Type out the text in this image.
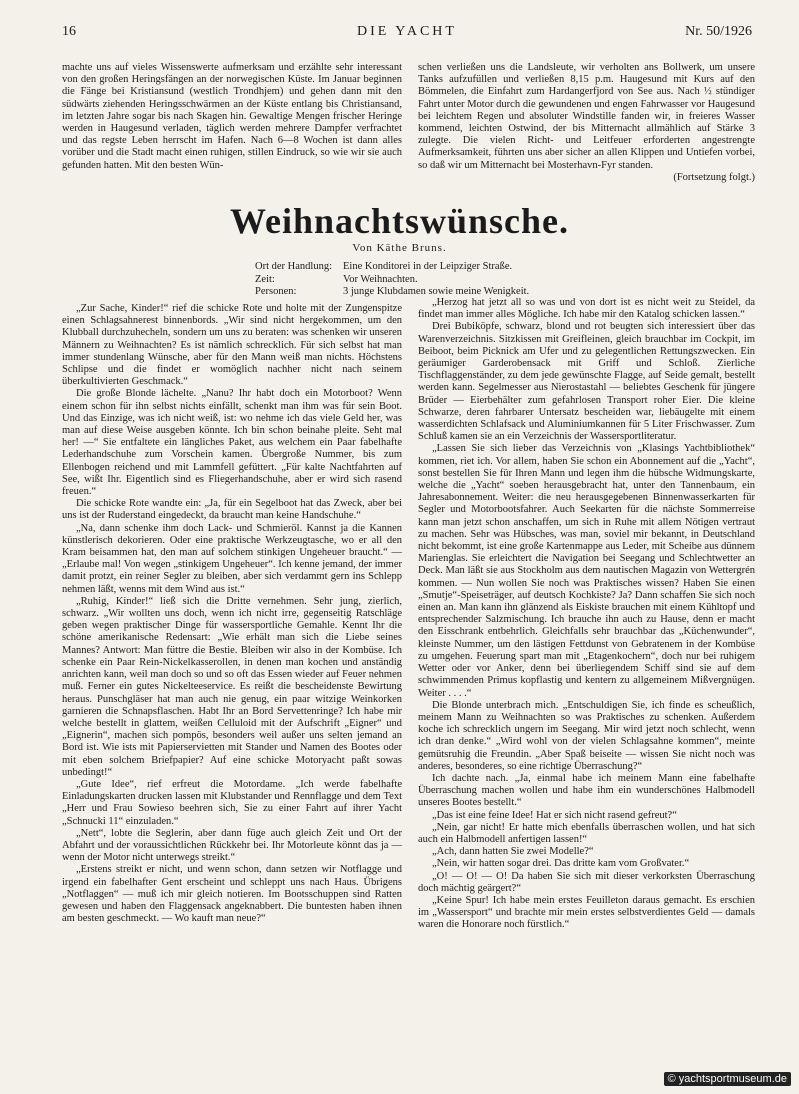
16	DIE YACHT	Nr. 50/1926

machte uns auf vieles Wissenswerte aufmerksam und erzählte sehr interessant von den großen Heringsfängen an der norwegischen Küste. Im Januar beginnen die Fänge bei Kristiansund (westlich Trondhjem) und gehen dann mit den südwärts ziehenden Heringsschwärmen an der Küste entlang bis Christiansand, im letzten Jahre sogar bis nach Skagen hin. Gewaltige Mengen frischer Heringe werden in Haugesund verladen, täglich werden mehrere Dampfer verfrachtet und das regste Leben herrscht im Hafen. Nach 6—8 Wochen ist dann alles vorüber und die Stadt macht einen ruhigen, stillen Eindruck, so wie wir sie auch gefunden hatten. Mit den besten Wün-

schen verließen uns die Landsleute, wir verholten ans Bollwerk, um unsere Tanks aufzufüllen und verließen 8,15 p.m. Haugesund mit Kurs auf den Bömmelen, die Einfahrt zum Hardangerfjord von See aus. Nach ½ stündiger Fahrt unter Motor durch die gewundenen und engen Fahrwasser vor Haugesund bei leichtem Regen und absoluter Windstille fanden wir, in freieres Wasser kommend, leichten Ostwind, der bis Mitternacht allmählich auf Stärke 3 zulegte. Die vielen Richt- und Leitfeuer erforderten angestrengte Aufmerksamkeit, führten uns aber sicher an allen Klippen und Untiefen vorbei, so daß wir um Mitternacht bei Mosterhavn-Fyr standen.

(Fortsetzung folgt.)
Weihnachtswünsche.
Von Käthe Bruns.
Ort der Handlung:	Eine Konditorei in der Leipziger Straße.
Zeit:	Vor Weihnachten.
Personen:	3 junge Klubdamen sowie meine Wenigkeit.

„Zur Sache, Kinder!“ rief die schicke Rote und holte mit der Zungenspitze einen Schlagsahnerest binnenbords. „Wir sind nicht hergekommen, um den Klubball durchzuhecheln, sondern um uns zu beraten: was schenken wir unseren Männern zu Weihnachten? Es ist nämlich schrecklich. Für sich selbst hat man immer stundenlang Wünsche, aber für den Mann weiß man nichts. Höchstens Schlipse und die findet er womöglich nachher nicht nach seinem überkultivierten Geschmack.“

Die große Blonde lächelte. „Nanu? Ihr habt doch ein Motorboot? Wenn einem schon für ihn selbst nichts einfällt, schenkt man ihm was für sein Boot. Und das Einzige, was ich nicht weiß, ist: wo nehme ich das viele Geld her, was man auf diese Weise ausgeben könnte. Ich bin schon beinahe pleite. Seht mal her! —“ Sie entfaltete ein längliches Paket, aus welchem ein Paar fabelhafte Lederhandschuhe zum Vorschein kamen. Übergroße Nummer, bis zum Ellenbogen reichend und mit Lammfell gefüttert. „Für kalte Nachtfahrten auf See, wißt Ihr. Eigentlich sind es Fliegerhandschuhe, aber er wird sich rasend freuen.“

Die schicke Rote wandte ein: „Ja, für ein Segelboot hat das Zweck, aber bei uns ist der Ruderstand eingedeckt, da braucht man keine Handschuhe.“

„Na, dann schenke ihm doch Lack- und Schmieröl. Kannst ja die Kannen künstlerisch dekorieren. Oder eine praktische Werkzeugtasche, wo er all den Kram beisammen hat, den man auf solchem stinkigen Ungeheuer braucht.“ — „Erlaube mal! Von wegen „stinkigem Ungeheuer“. Ich kenne jemand, der immer damit protzt, ein reiner Segler zu bleiben, aber sich verdammt gern ins Schlepp nehmen läßt, wenns mit dem Wind aus ist.“

„Ruhig, Kinder!“ ließ sich die Dritte vernehmen. Sehr jung, zierlich, schwarz. „Wir wollten uns doch, wenn ich nicht irre, gegenseitig Ratschläge geben wegen praktischer Dinge für wassersportliche Gemahle. Kennt Ihr die schöne amerikanische Redensart: „Wie erhält man sich die Liebe seines Mannes? Antwort: Man füttre die Bestie. Bleiben wir also in der Kombüse. Ich schenke ein Paar Rein-Nickelkasserollen, in denen man kochen und anständig anrichten kann, weil man doch so und so oft das Essen wieder auf Feuer nehmen muß. Ferner ein gutes Nickelteeservice. Es reißt die bescheidenste Bewirtung heraus. Punschgläser hat man auch nie genug, ein paar witzige Weinkorken garnieren die Schnapsflaschen. Habt Ihr an Bord Servettenringe? Ich habe mir welche bestellt in glattem, weißen Celluloid mit der Aufschrift „Eigner“ und „Eignerin“, machen sich pompös, besonders weil außer uns selten jemand an Bord ist. Wie ists mit Papierservietten mit Stander und Namen des Bootes oder mit eben solchem Briefpapier? Auf eine schicke Motoryacht paßt sowas unbedingt!“

„Gute Idee“, rief erfreut die Motordame. „Ich werde fabelhafte Einladungskarten drucken lassen mit Klubstander und Rennflagge und dem Text „Herr und Frau Sowieso beehren sich, Sie zu einer Fahrt auf ihrer Yacht „Schnucki 11“ einzuladen.“

„Nett“, lobte die Seglerin, aber dann füge auch gleich Zeit und Ort der Abfahrt und der voraussichtlichen Rückkehr bei. Ihr Motorleute könnt das ja — wenn der Motor nicht unterwegs streikt.“

„Erstens streikt er nicht, und wenn schon, dann setzen wir Notflagge und irgend ein fabelhafter Gent erscheint und schleppt uns nach Haus. Übrigens „Notflaggen“ — muß ich mir gleich notieren. Im Bootsschuppen sind Ratten gewesen und haben den Flaggensack angeknabbert. Die buntesten haben ihnen am besten geschmeckt. — Wo kauft man neue?“

„Herzog hat jetzt all so was und von dort ist es nicht weit zu Steidel, da findet man immer alles Mögliche. Ich habe mir den Katalog schicken lassen.“

Drei Bubiköpfe, schwarz, blond und rot beugten sich interessiert über das Warenverzeichnis. Sitzkissen mit Greifleinen, gleich brauchbar im Cockpit, im Beiboot, beim Picknick am Ufer und zu gelegentlichen Rettungszwecken. Ein geräumiger Garderobensack mit Griff und Schloß. Zierliche Tischflaggenständer, zu dem jede gewünschte Flagge, auf Seide gemalt, bestellt werden kann. Segelmesser aus Nierostastahl — beliebtes Geschenk für jüngere Brüder — Eierbehälter zum gefahrlosen Transport roher Eier. Die kleine Schwarze, deren fahrbarer Untersatz bescheiden war, liebäugelte mit einem wasserdichten Schlafsack und Aluminiumkannen für 5 Liter Frischwasser. Zum Schluß kamen sie an ein Verzeichnis der Wassersportliteratur.

„Lassen Sie sich lieber das Verzeichnis von „Klasings Yachtbibliothek“ kommen, riet ich. Vor allem, haben Sie schon ein Abonnement auf die „Yacht“, sonst bestellen Sie für Ihren Mann und legen ihm die hübsche Widmungskarte, welche die „Yacht“ soeben herausgebracht hat, unter den Tannenbaum, ein Jahresabonnement. Weiter: die neu herausgegebenen Binnenwasserkarten für Segler und Motorbootsfahrer. Auch Seekarten für die nächste Sommerreise kann man jetzt schon anschaffen, um sich in Ruhe mit allem Nötigen vertraut zu machen. Sehr was Hübsches, was man, soviel mir bekannt, in Deutschland nicht bekommt, ist eine große Kartenmappe aus Leder, mit Scheibe aus dünnem Marienglas. Sie erleichtert die Navigation bei Seegang und Schlechtwetter an Deck. Man läßt sie aus Stockholm aus dem nautischen Magazin von Wettergrén kommen. — Nun wollen Sie noch was Praktisches wissen? Haben Sie einen „Smutje“-Speiseträger, auf deutsch Kochkiste? Ja? Dann schaffen Sie sich noch einen an. Man kann ihn glänzend als Eiskiste brauchen mit einem Kühltopf und entsprechender Salzmischung. Ich brauche ihn auch zu Hause, denn er macht den Eisschrank entbehrlich. Gleichfalls sehr brauchbar das „Küchenwunder“, kleinste Nummer, um den lästigen Fettdunst von Gebratenem in der Kombüse zu umgehen. Feuerung spart man mit „Etagenkochern“, doch nur bei ruhigem Wetter oder vor Anker, denn bei überliegendem Schiff sind sie auf dem schwimmenden Primus kopflastig und kentern zu allgemeinem Mißvergnügen. Weiter . . . .“

Die Blonde unterbrach mich. „Entschuldigen Sie, ich finde es scheußlich, meinem Mann zu Weihnachten so was Praktisches zu schenken. Außerdem koche ich schrecklich ungern im Seegang. Mir wird jetzt noch schlecht, wenn ich dran denke.“ „Wird wohl von der vielen Schlagsahne kommen“, meinte gemütsruhig die Freundin. „Aber Spaß beiseite — wissen Sie nicht noch was anderes, besonderes, so eine richtige Überraschung?“

Ich dachte nach. „Ja, einmal habe ich meinem Mann eine fabelhafte Überraschung machen wollen und habe ihm ein wunderschönes Halbmodell unseres Bootes bestellt.“

„Das ist eine feine Idee! Hat er sich nicht rasend gefreut?“

„Nein, gar nicht! Er hatte mich ebenfalls überraschen wollen, und hat sich auch ein Halbmodell anfertigen lassen!“

„Ach, dann hatten Sie zwei Modelle?“

„Nein, wir hatten sogar drei. Das dritte kam vom Großvater.“

„O! — O! — O! Da haben Sie sich mit dieser verkorksten Überraschung doch mächtig geärgert?“

„Keine Spur! Ich habe mein erstes Feuilleton daraus gemacht. Es erschien im „Wassersport“ und brachte mir mein erstes selbstverdientes Geld — damals waren die Honorare noch fürstlich.“

© yachtsportmuseum.de
